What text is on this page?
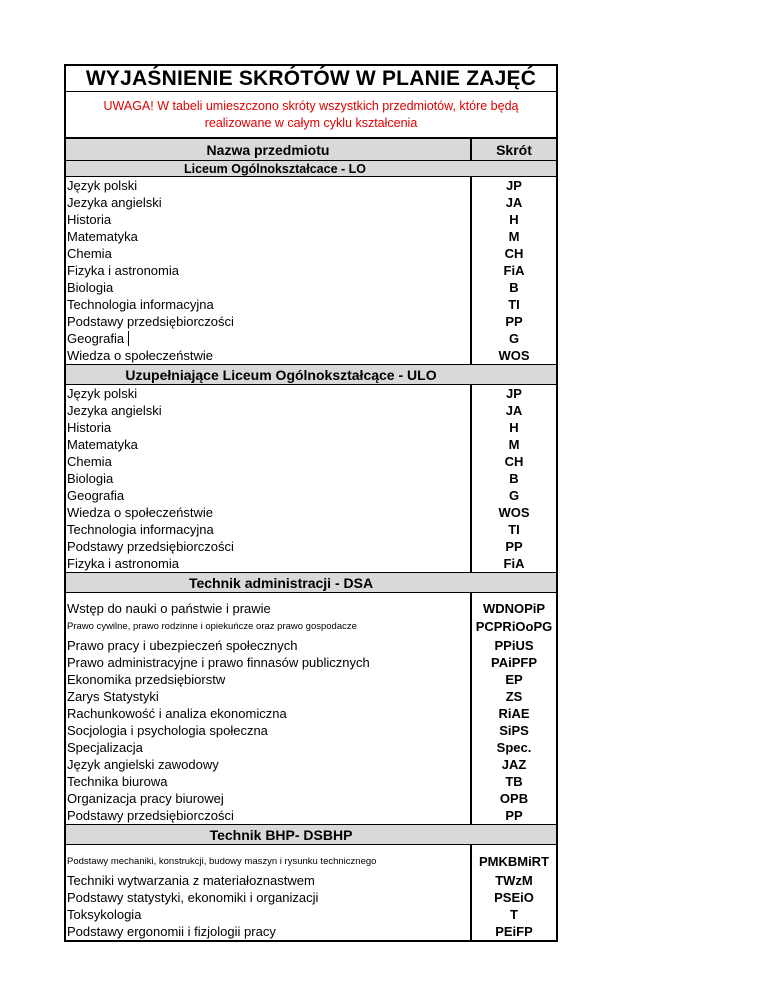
WYJAŚNIENIE SKRÓTÓW W PLANIE ZAJĘĆ
UWAGA! W tabeli umieszczono skróty wszystkich przedmiotów, które będą
realizowane w całym cyklu kształcenia
Nazwa przedmiotu	Skrót
Liceum Ogólnokształcace - LO
Język polski	JP
Jezyka angielski	JA
Historia	H
Matematyka	M
Chemia	CH
Fizyka i astronomia	FiA
Biologia	B
Technologia informacyjna	TI
Podstawy przedsiębiorczości	PP
Geografia	G
Wiedza o społeczeństwie	WOS
Uzupełniające Liceum Ogólnokształcące - ULO
Język polski	JP
Jezyka angielski	JA
Historia	H
Matematyka	M
Chemia	CH
Biologia	B
Geografia	G
Wiedza o społeczeństwie	WOS
Technologia informacyjna	TI
Podstawy przedsiębiorczości	PP
Fizyka i astronomia	FiA
Technik administracji - DSA
Wstęp do nauki o państwie i prawie	WDNOPiP
Prawo cywilne, prawo rodzinne i opiekuńcze oraz prawo gospodacze	PCPRiOoPG
Prawo pracy i ubezpieczeń społecznych	PPiUS
Prawo administracyjne i prawo finnasów publicznych	PAiPFP
Ekonomika przedsiębiorstw	EP
Zarys Statystyki	ZS
Rachunkowość i analiza ekonomiczna	RiAE
Socjologia i psychologia społeczna	SiPS
Specjalizacja	Spec.
Język angielski zawodowy	JAZ
Technika biurowa	TB
Organizacja pracy biurowej	OPB
Podstawy przedsiębiorczości	PP
Technik BHP- DSBHP
Podstawy mechaniki, konstrukcji, budowy maszyn i rysunku technicznego	PMKBMiRT
Techniki wytwarzania z materiałoznastwem	TWzM
Podstawy statystyki, ekonomiki i organizacji	PSEiO
Toksykologia	T
Podstawy ergonomii i fizjologii pracy	PEiFP
